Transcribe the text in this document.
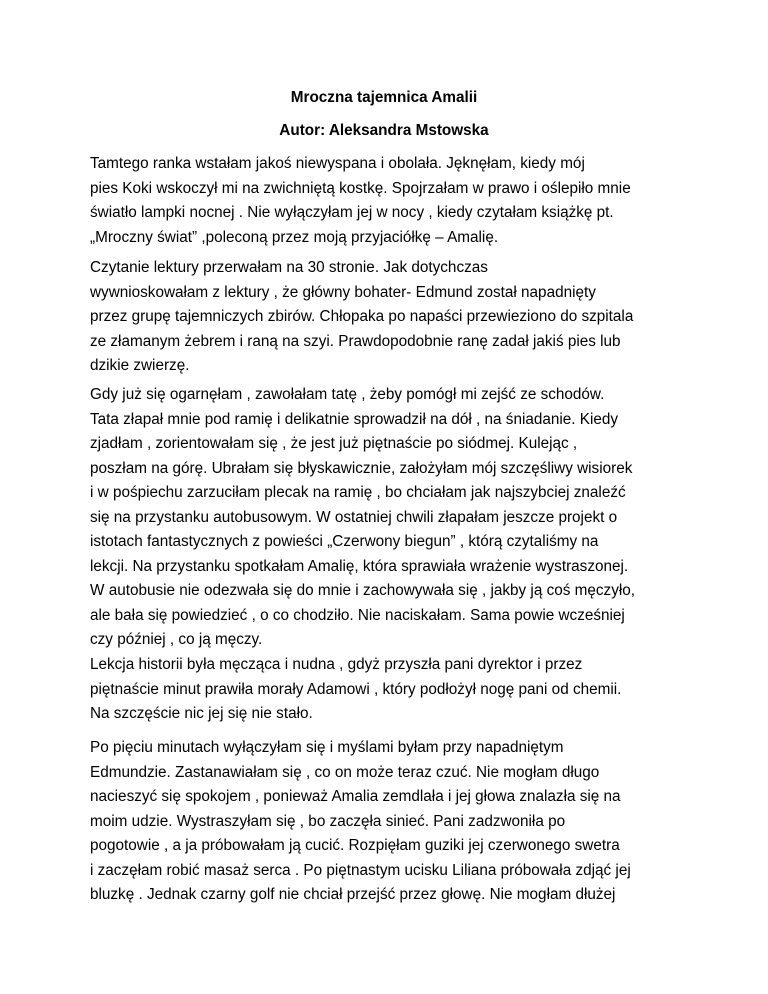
Mroczna tajemnica Amalii
Autor: Aleksandra Mstowska
Tamtego ranka wstałam jakoś niewyspana i obolała. Jęknęłam, kiedy mój
pies Koki wskoczył mi na zwichniętą kostkę. Spojrzałam w prawo i oślepiło mnie
światło lampki nocnej . Nie wyłączyłam jej w nocy , kiedy czytałam książkę pt.
„Mroczny świat” ,poleconą przez moją przyjaciółkę – Amalię.
Czytanie lektury przerwałam na 30 stronie. Jak dotychczas
wywnioskowałam z lektury , że główny bohater- Edmund został napadnięty
przez grupę tajemniczych zbirów. Chłopaka po napaści przewieziono do szpitala
ze złamanym żebrem i raną na szyi. Prawdopodobnie ranę zadał jakiś pies lub
dzikie zwierzę.
Gdy już się ogarnęłam , zawołałam tatę , żeby pomógł mi zejść ze schodów.
Tata złapał mnie pod ramię i delikatnie sprowadził na dół , na śniadanie. Kiedy
zjadłam , zorientowałam się , że jest już piętnaście po siódmej. Kulejąc ,
poszłam na górę. Ubrałam się błyskawicznie, założyłam mój szczęśliwy wisiorek
i w pośpiechu zarzuciłam plecak na ramię , bo chciałam jak najszybciej znaleźć
się na przystanku autobusowym. W ostatniej chwili złapałam jeszcze projekt o
istotach fantastycznych z powieści „Czerwony biegun” , którą czytaliśmy na
lekcji. Na przystanku spotkałam Amalię, która sprawiała wrażenie wystraszonej.
W autobusie nie odezwała się do mnie i zachowywała się , jakby ją coś męczyło,
ale bała się powiedzieć , o co chodziło. Nie naciskałam. Sama powie wcześniej
czy później , co ją męczy.
Lekcja historii była męcząca i nudna , gdyż przyszła pani dyrektor i przez
piętnaście minut prawiła morały Adamowi , który podłożył nogę pani od chemii.
Na szczęście nic jej się nie stało.
Po pięciu minutach wyłączyłam się i myślami byłam przy napadniętym
Edmundzie. Zastanawiałam się , co on może teraz czuć. Nie mogłam długo
nacieszyć się spokojem , ponieważ Amalia zemdlała i jej głowa znalazła się na
moim udzie. Wystraszyłam się , bo zaczęła sinieć. Pani zadzwoniła po
pogotowie , a ja próbowałam ją cucić. Rozpięłam guziki jej czerwonego swetra
i zaczęłam robić masaż serca . Po piętnastym ucisku Liliana próbowała zdjąć jej
bluzkę . Jednak czarny golf nie chciał przejść przez głowę. Nie mogłam dłużej
